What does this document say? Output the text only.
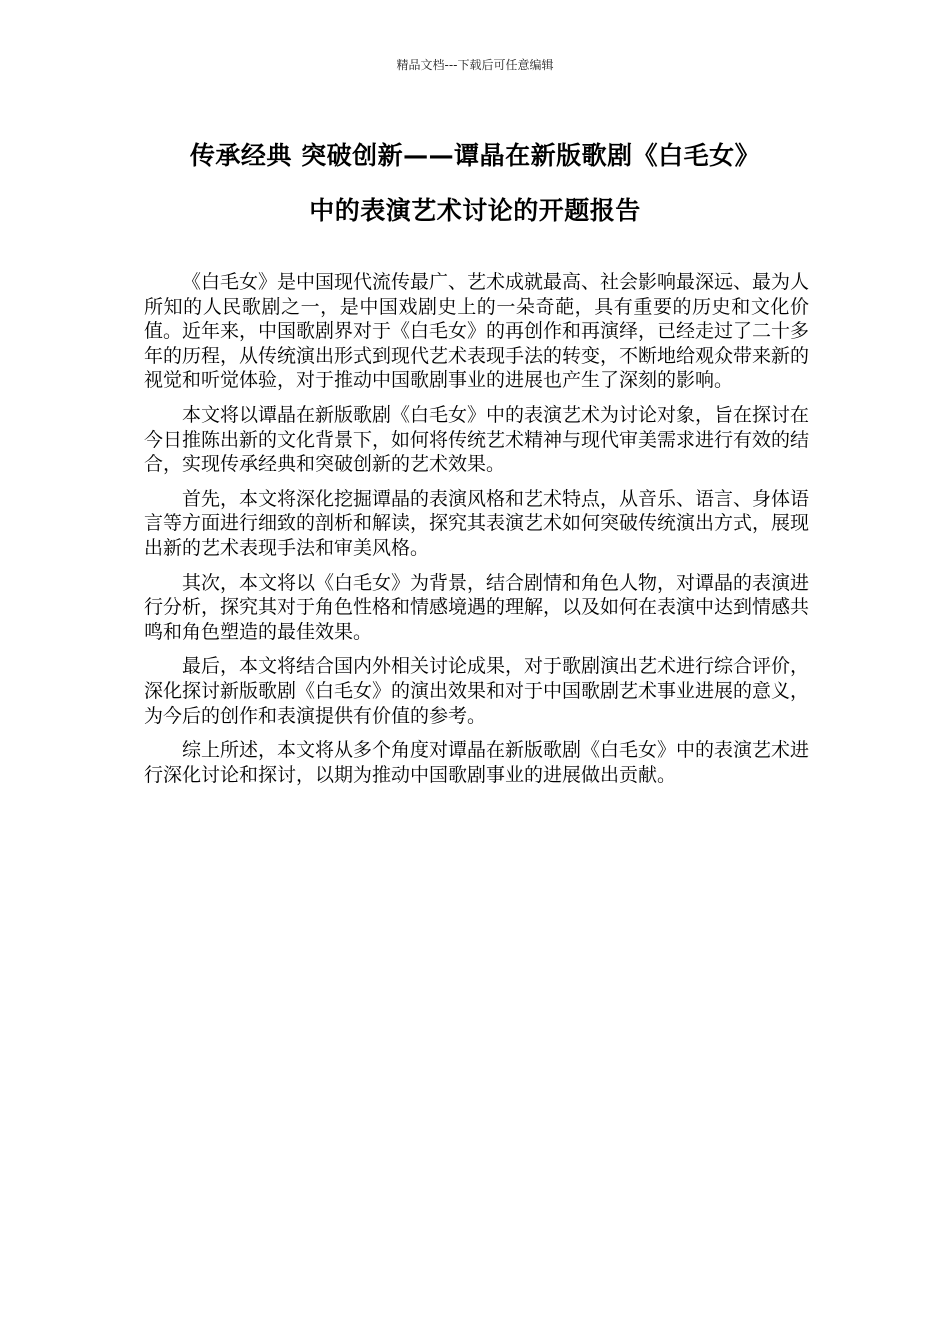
精品文档---下载后可任意编辑
传承经典 突破创新——谭晶在新版歌剧《白毛女》
中的表演艺术讨论的开题报告

《白毛女》是中国现代流传最广、艺术成就最高、社会影响最深远、最为人所知的人民歌剧之一，是中国戏剧史上的一朵奇葩，具有重要的历史和文化价值。近年来，中国歌剧界对于《白毛女》的再创作和再演绎，已经走过了二十多年的历程，从传统演出形式到现代艺术表现手法的转变，不断地给观众带来新的视觉和听觉体验，对于推动中国歌剧事业的进展也产生了深刻的影响。

本文将以谭晶在新版歌剧《白毛女》中的表演艺术为讨论对象，旨在探讨在今日推陈出新的文化背景下，如何将传统艺术精神与现代审美需求进行有效的结合，实现传承经典和突破创新的艺术效果。

首先，本文将深化挖掘谭晶的表演风格和艺术特点，从音乐、语言、身体语言等方面进行细致的剖析和解读，探究其表演艺术如何突破传统演出方式，展现出新的艺术表现手法和审美风格。

其次，本文将以《白毛女》为背景，结合剧情和角色人物，对谭晶的表演进行分析，探究其对于角色性格和情感境遇的理解，以及如何在表演中达到情感共鸣和角色塑造的最佳效果。

最后，本文将结合国内外相关讨论成果，对于歌剧演出艺术进行综合评价，深化探讨新版歌剧《白毛女》的演出效果和对于中国歌剧艺术事业进展的意义，为今后的创作和表演提供有价值的参考。

综上所述，本文将从多个角度对谭晶在新版歌剧《白毛女》中的表演艺术进行深化讨论和探讨，以期为推动中国歌剧事业的进展做出贡献。
